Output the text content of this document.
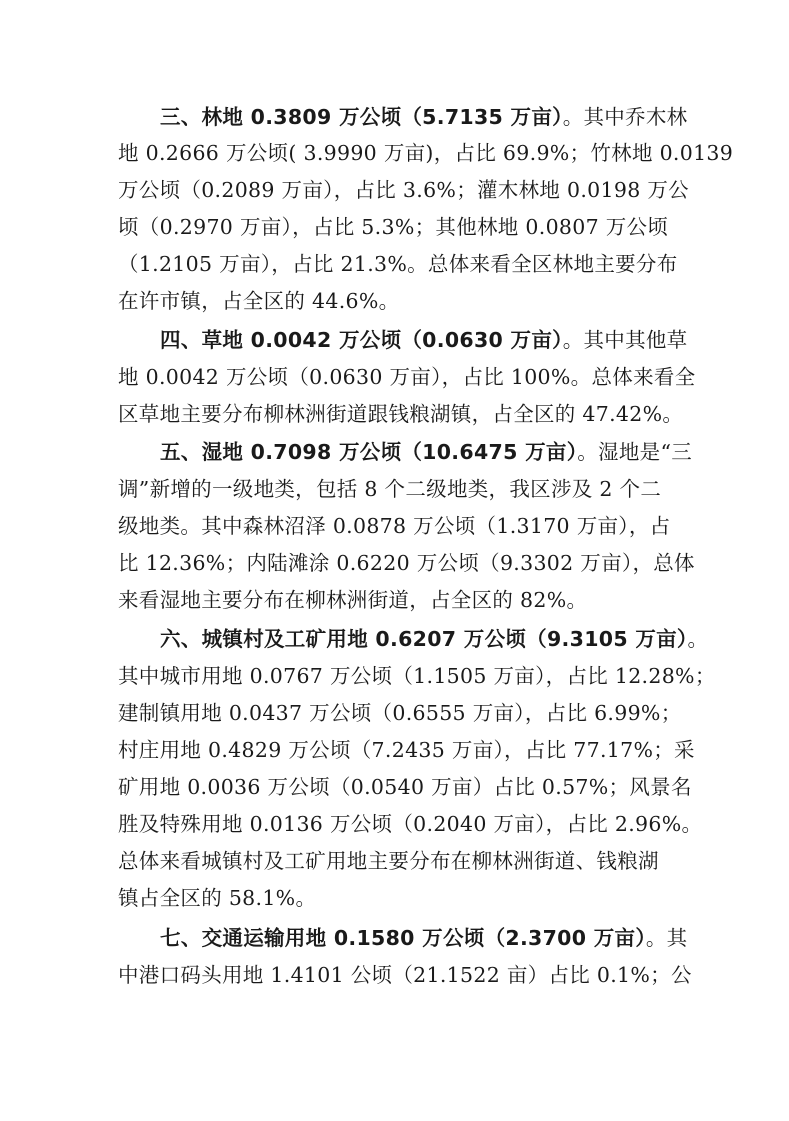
三、林地 0.3809 万公顷（5.7135 万亩）。其中乔木林
地 0.2666 万公顷( 3.9990 万亩)，占比 69.9%；竹林地 0.0139
万公顷（0.2089 万亩），占比 3.6%；灌木林地 0.0198 万公
顷（0.2970 万亩），占比 5.3%；其他林地 0.0807 万公顷
（1.2105 万亩），占比 21.3%。总体来看全区林地主要分布
在许市镇，占全区的 44.6%。
四、草地 0.0042 万公顷（0.0630 万亩）。其中其他草
地 0.0042 万公顷（0.0630 万亩），占比 100%。总体来看全
区草地主要分布柳林洲街道跟钱粮湖镇，占全区的 47.42%。
五、湿地 0.7098 万公顷（10.6475 万亩）。湿地是“三
调”新增的一级地类，包括 8 个二级地类，我区涉及 2 个二
级地类。其中森林沼泽 0.0878 万公顷（1.3170 万亩），占
比 12.36%；内陆滩涂 0.6220 万公顷（9.3302 万亩），总体
来看湿地主要分布在柳林洲街道，占全区的 82%。
六、城镇村及工矿用地 0.6207 万公顷（9.3105 万亩）。
其中城市用地 0.0767 万公顷（1.1505 万亩），占比 12.28%；
建制镇用地 0.0437 万公顷（0.6555 万亩），占比 6.99%；
村庄用地 0.4829 万公顷（7.2435 万亩），占比 77.17%；采
矿用地 0.0036 万公顷（0.0540 万亩）占比 0.57%；风景名
胜及特殊用地 0.0136 万公顷（0.2040 万亩），占比 2.96%。
总体来看城镇村及工矿用地主要分布在柳林洲街道、钱粮湖
镇占全区的 58.1%。
七、交通运输用地 0.1580 万公顷（2.3700 万亩）。其
中港口码头用地 1.4101 公顷（21.1522 亩）占比 0.1%；公
